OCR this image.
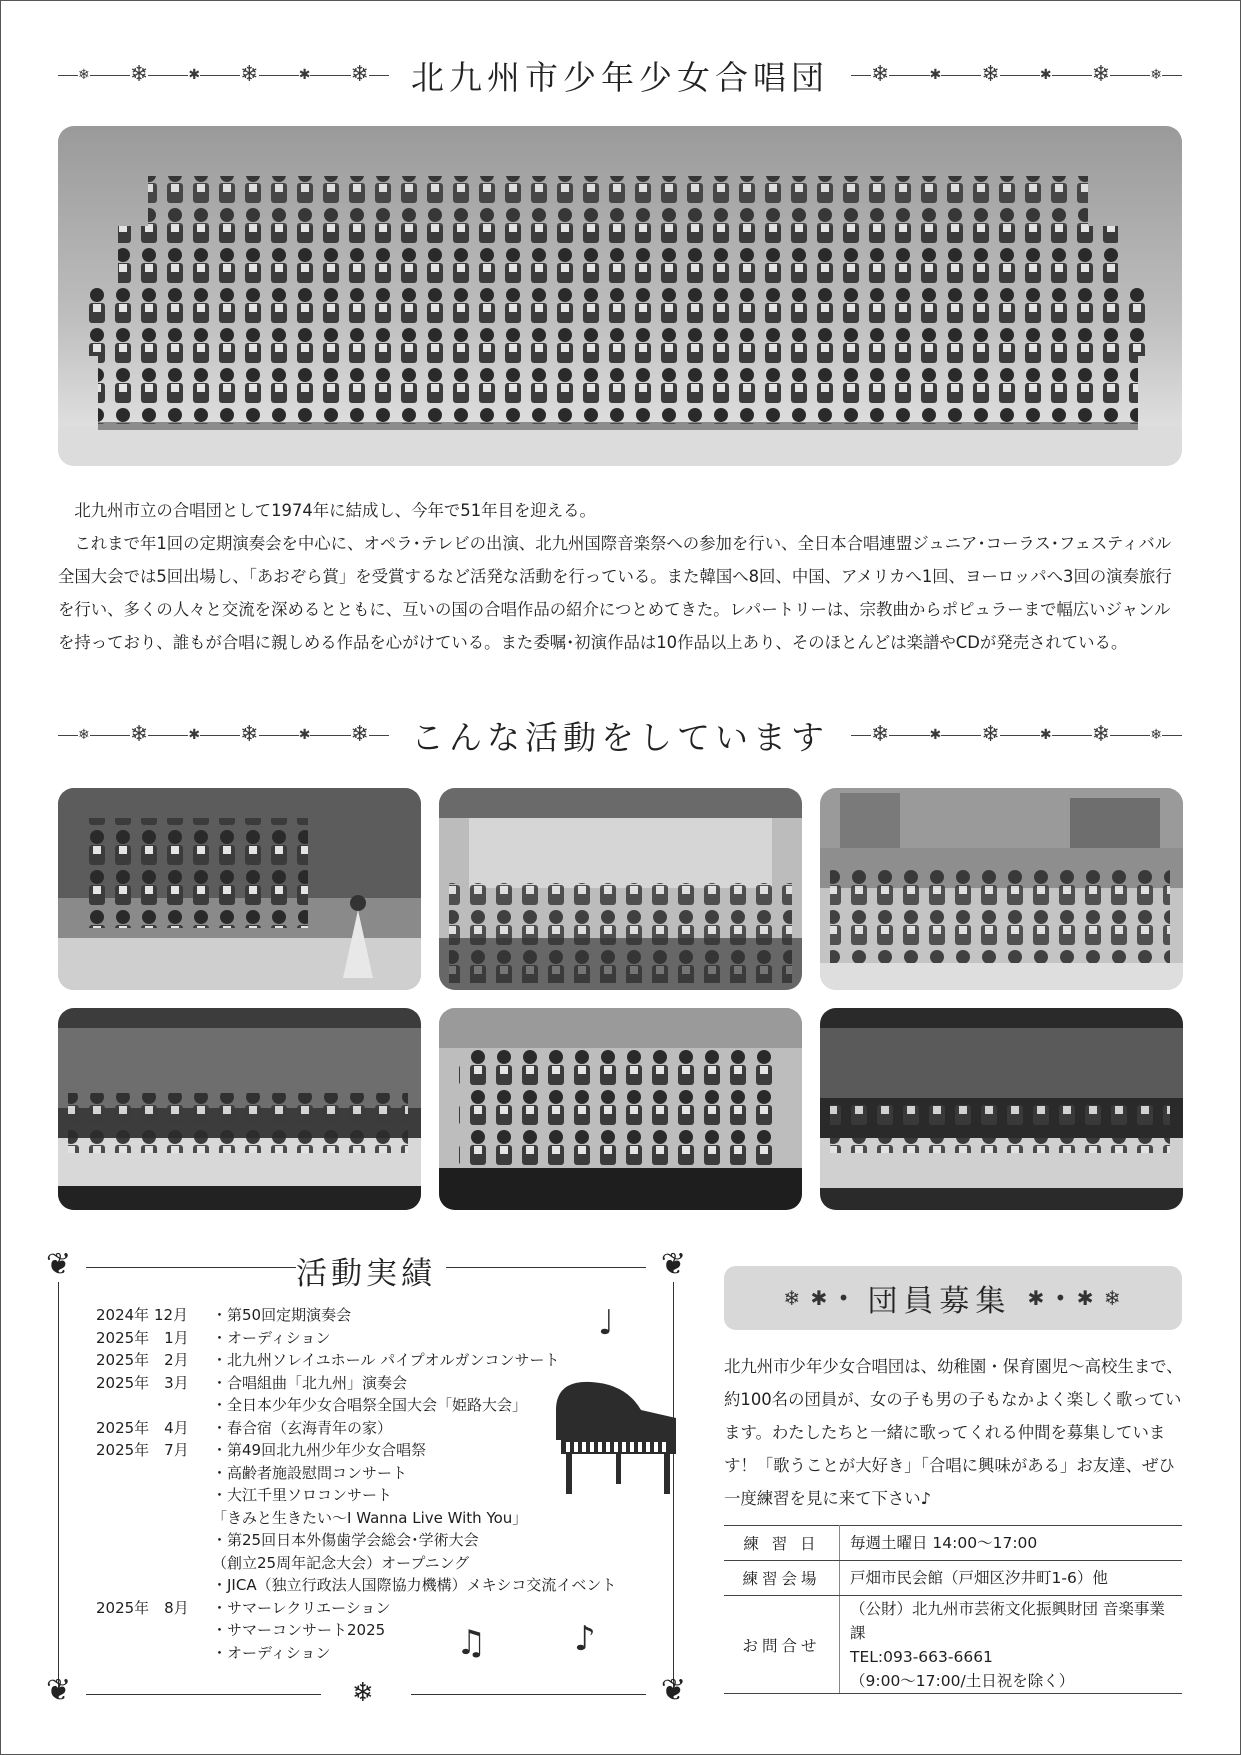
❄ ❄	✱ ❄	✱ ❄	北九州市少年少女合唱団	❄	✱ ❄	✱ ❄	❄

北九州市立の合唱団として1974年に結成し、今年で51年目を迎える。

これまで年1回の定期演奏会を中心に、オペラ･テレビの出演、北九州国際音楽祭への参加を行い、全日本合唱連盟ジュニア･コーラス･フェスティバル全国大会では5回出場し、「あおぞら賞」を受賞するなど活発な活動を行っている。また韓国へ8回、中国、アメリカへ1回、ヨーロッパへ3回の演奏旅行を行い、多くの人々と交流を深めるとともに、互いの国の合唱作品の紹介につとめてきた。レパートリーは、宗教曲からポピュラーまで幅広いジャンルを持っており、誰もが合唱に親しめる作品を心がけている。また委嘱･初演作品は10作品以上あり、そのほとんどは楽譜やCDが発売されている。

❄ ❄	✱ ❄	✱ ❄	こんな活動をしています	❄	✱ ❄	✱ ❄	❄
❦	❦
❦	❦
❄
活動実績
2024年 12月	・第50回定期演奏会
2025年　1月	・オーディション
2025年　2月	・北九州ソレイユホール パイプオルガンコンサート
2025年　3月	・合唱組曲「北九州」演奏会
・全日本少年少女合唱祭全国大会「姫路大会」
2025年　4月	・春合宿（玄海青年の家）
2025年　7月	・第49回北九州少年少女合唱祭
・高齢者施設慰問コンサート
・大江千里ソロコンサート
「きみと生きたい～I Wanna Live With You」
・第25回日本外傷歯学会総会･学術大会
（創立25周年記念大会）オープニング
・JICA（独立行政法人国際協力機構）メキシコ交流イベント
2025年　8月	・サマーレクリエーション
・サマーコンサート2025
・オーディション
♩
♫	♪
❄ ✱ • 団員募集 ✱ • ✱ ❄

北九州市少年少女合唱団は、幼稚園・保育園児～高校生まで、約100名の団員が、女の子も男の子もなかよく楽しく歌っています。わたしたちと一緒に歌ってくれる仲間を募集しています！「歌うことが大好き」「合唱に興味がある」お友達、ぜひ一度練習を見に来て下さい♪

練 習 日	毎週土曜日 14:00～17:00
練習会場	戸畑市民会館（戸畑区汐井町1-6）他
お問合せ	（公財）北九州市芸術文化振興財団 音楽事業課
TEL:093-663-6661
（9:00～17:00/土日祝を除く）
